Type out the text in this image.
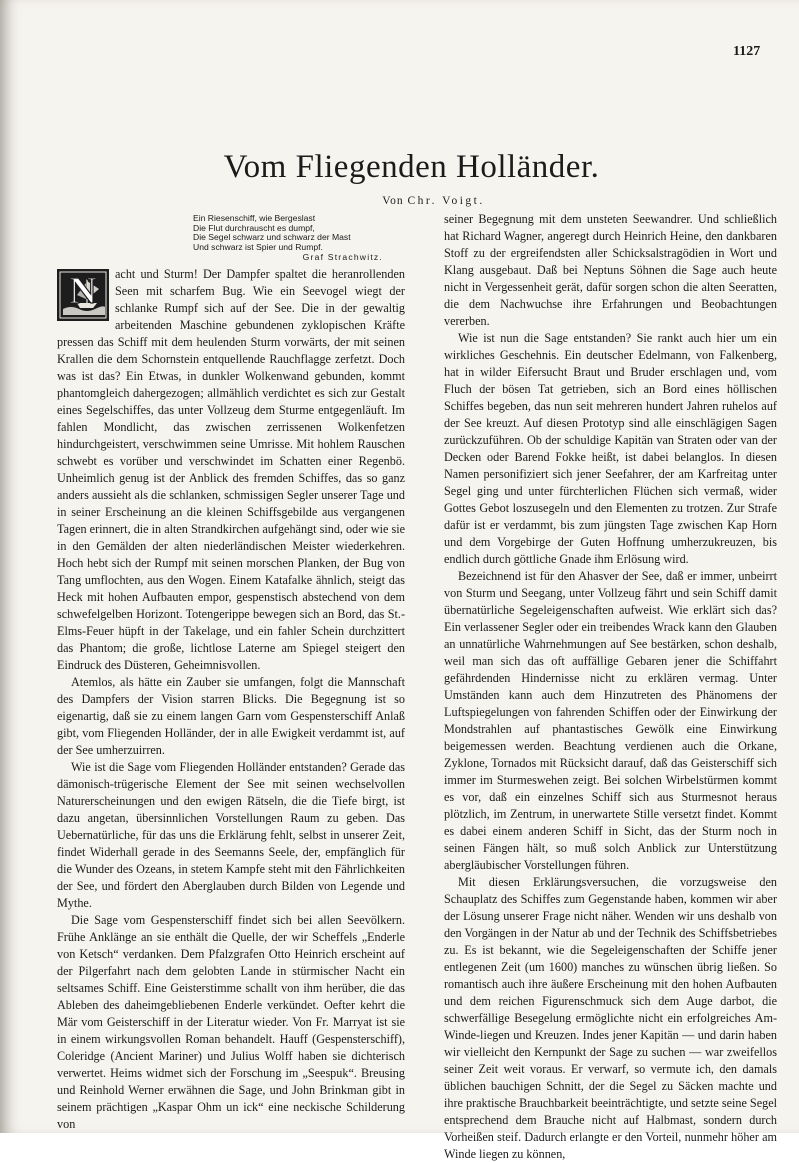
1127
Vom Fliegenden Holländer.
Von Chr. Voigt.
Ein Riesenschiff, wie Bergeslast
Die Flut durchrauscht es dumpf,
Die Segel schwarz und schwarz der Mast
Und schwarz ist Spier und Rumpf.
Graf Strachwitz.

N acht und Sturm! Der Dampfer spaltet die heranrollenden Seen mit scharfem Bug. Wie ein Seevogel wiegt der schlanke Rumpf sich auf der See. Die in der gewaltig arbeitenden Maschine gebundenen zyklopischen Kräfte pressen das Schiff mit dem heulenden Sturm vorwärts, der mit seinen Krallen die dem Schornstein entquellende Rauchflagge zerfetzt. Doch was ist das? Ein Etwas, in dunkler Wolkenwand gebunden, kommt phantomgleich dahergezogen; allmählich verdichtet es sich zur Gestalt eines Segelschiffes, das unter Vollzeug dem Sturme entgegenläuft. Im fahlen Mondlicht, das zwischen zerrissenen Wolkenfetzen hindurchgeistert, verschwimmen seine Umrisse. Mit hohlem Rauschen schwebt es vorüber und verschwindet im Schatten einer Regenbö. Unheimlich genug ist der Anblick des fremden Schiffes, das so ganz anders aussieht als die schlanken, schmissigen Segler unserer Tage und in seiner Erscheinung an die kleinen Schiffsgebilde aus vergangenen Tagen erinnert, die in alten Strandkirchen aufgehängt sind, oder wie sie in den Gemälden der alten niederländischen Meister wiederkehren. Hoch hebt sich der Rumpf mit seinen morschen Planken, der Bug von Tang umflochten, aus den Wogen. Einem Katafalke ähnlich, steigt das Heck mit hohen Aufbauten empor, gespenstisch abstechend von dem schwefelgelben Horizont. Totengerippe bewegen sich an Bord, das St.-Elms-Feuer hüpft in der Takelage, und ein fahler Schein durchzittert das Phantom; die große, lichtlose Laterne am Spiegel steigert den Eindruck des Düsteren, Geheimnisvollen.

Atemlos, als hätte ein Zauber sie umfangen, folgt die Mannschaft des Dampfers der Vision starren Blicks. Die Begegnung ist so eigenartig, daß sie zu einem langen Garn vom Gespensterschiff Anlaß gibt, vom Fliegenden Holländer, der in alle Ewigkeit verdammt ist, auf der See umherzuirren.

Wie ist die Sage vom Fliegenden Holländer entstanden? Gerade das dämonisch-trügerische Element der See mit seinen wechselvollen Naturerscheinungen und den ewigen Rätseln, die die Tiefe birgt, ist dazu angetan, übersinnlichen Vorstellungen Raum zu geben. Das Uebernatürliche, für das uns die Erklärung fehlt, selbst in unserer Zeit, findet Widerhall gerade in des Seemanns Seele, der, empfänglich für die Wunder des Ozeans, in stetem Kampfe steht mit den Fährlichkeiten der See, und fördert den Aberglauben durch Bilden von Legende und Mythe.

Die Sage vom Gespensterschiff findet sich bei allen Seevölkern. Frühe Anklänge an sie enthält die Quelle, der wir Scheffels „Enderle von Ketsch“ verdanken. Dem Pfalzgrafen Otto Heinrich erscheint auf der Pilgerfahrt nach dem gelobten Lande in stürmischer Nacht ein seltsames Schiff. Eine Geisterstimme schallt von ihm herüber, die das Ableben des daheimgebliebenen Enderle verkündet. Oefter kehrt die Mär vom Geisterschiff in der Literatur wieder. Von Fr. Marryat ist sie in einem wirkungsvollen Roman behandelt. Hauff (Gespensterschiff), Coleridge (Ancient Mariner) und Julius Wolff haben sie dichterisch verwertet. Heims widmet sich der Forschung im „Seespuk“. Breusing und Reinhold Werner erwähnen die Sage, und John Brinkman gibt in seinem prächtigen „Kaspar Ohm un ick“ eine neckische Schilderung von

seiner Begegnung mit dem unsteten Seewandrer. Und schließlich hat Richard Wagner, angeregt durch Heinrich Heine, den dankbaren Stoff zu der ergreifendsten aller Schicksalstragödien in Wort und Klang ausgebaut. Daß bei Neptuns Söhnen die Sage auch heute nicht in Vergessenheit gerät, dafür sorgen schon die alten Seeratten, die dem Nachwuchse ihre Erfahrungen und Beobachtungen vererben.

Wie ist nun die Sage entstanden? Sie rankt auch hier um ein wirkliches Geschehnis. Ein deutscher Edelmann, von Falkenberg, hat in wilder Eifersucht Braut und Bruder erschlagen und, vom Fluch der bösen Tat getrieben, sich an Bord eines höllischen Schiffes begeben, das nun seit mehreren hundert Jahren ruhelos auf der See kreuzt. Auf diesen Prototyp sind alle einschlägigen Sagen zurückzuführen. Ob der schuldige Kapitän van Straten oder van der Decken oder Barend Fokke heißt, ist dabei belanglos. In diesen Namen personifiziert sich jener Seefahrer, der am Karfreitag unter Segel ging und unter fürchterlichen Flüchen sich vermaß, wider Gottes Gebot loszusegeln und den Elementen zu trotzen. Zur Strafe dafür ist er verdammt, bis zum jüngsten Tage zwischen Kap Horn und dem Vorgebirge der Guten Hoffnung umherzukreuzen, bis endlich durch göttliche Gnade ihm Erlösung wird.

Bezeichnend ist für den Ahasver der See, daß er immer, unbeirrt von Sturm und Seegang, unter Vollzeug fährt und sein Schiff damit übernatürliche Segeleigenschaften aufweist. Wie erklärt sich das? Ein verlassener Segler oder ein treibendes Wrack kann den Glauben an unnatürliche Wahrnehmungen auf See bestärken, schon deshalb, weil man sich das oft auffällige Gebaren jener die Schiffahrt gefährdenden Hindernisse nicht zu erklären vermag. Unter Umständen kann auch dem Hinzutreten des Phänomens der Luftspiegelungen von fahrenden Schiffen oder der Einwirkung der Mondstrahlen auf phantastisches Gewölk eine Einwirkung beigemessen werden. Beachtung verdienen auch die Orkane, Zyklone, Tornados mit Rücksicht darauf, daß das Geisterschiff sich immer im Sturmeswehen zeigt. Bei solchen Wirbelstürmen kommt es vor, daß ein einzelnes Schiff sich aus Sturmesnot heraus plötzlich, im Zentrum, in unerwartete Stille versetzt findet. Kommt es dabei einem anderen Schiff in Sicht, das der Sturm noch in seinen Fängen hält, so muß solch Anblick zur Unterstützung abergläubischer Vorstellungen führen.

Mit diesen Erklärungsversuchen, die vorzugsweise den Schauplatz des Schiffes zum Gegenstande haben, kommen wir aber der Lösung unserer Frage nicht näher. Wenden wir uns deshalb von den Vorgängen in der Natur ab und der Technik des Schiffsbetriebes zu. Es ist bekannt, wie die Segeleigenschaften der Schiffe jener entlegenen Zeit (um 1600) manches zu wünschen übrig ließen. So romantisch auch ihre äußere Erscheinung mit den hohen Aufbauten und dem reichen Figurenschmuck sich dem Auge darbot, die schwerfällige Besegelung ermöglichte nicht ein erfolgreiches Am-Winde-liegen und Kreuzen. Indes jener Kapitän — und darin haben wir vielleicht den Kernpunkt der Sage zu suchen — war zweifellos seiner Zeit weit voraus. Er verwarf, so vermute ich, den damals üblichen bauchigen Schnitt, der die Segel zu Säcken machte und ihre praktische Brauchbarkeit beeinträchtigte, und setzte seine Segel entsprechend dem Brauche nicht auf Halbmast, sondern durch Vorheißen steif. Dadurch erlangte er den Vorteil, nunmehr höher am Winde liegen zu können,
